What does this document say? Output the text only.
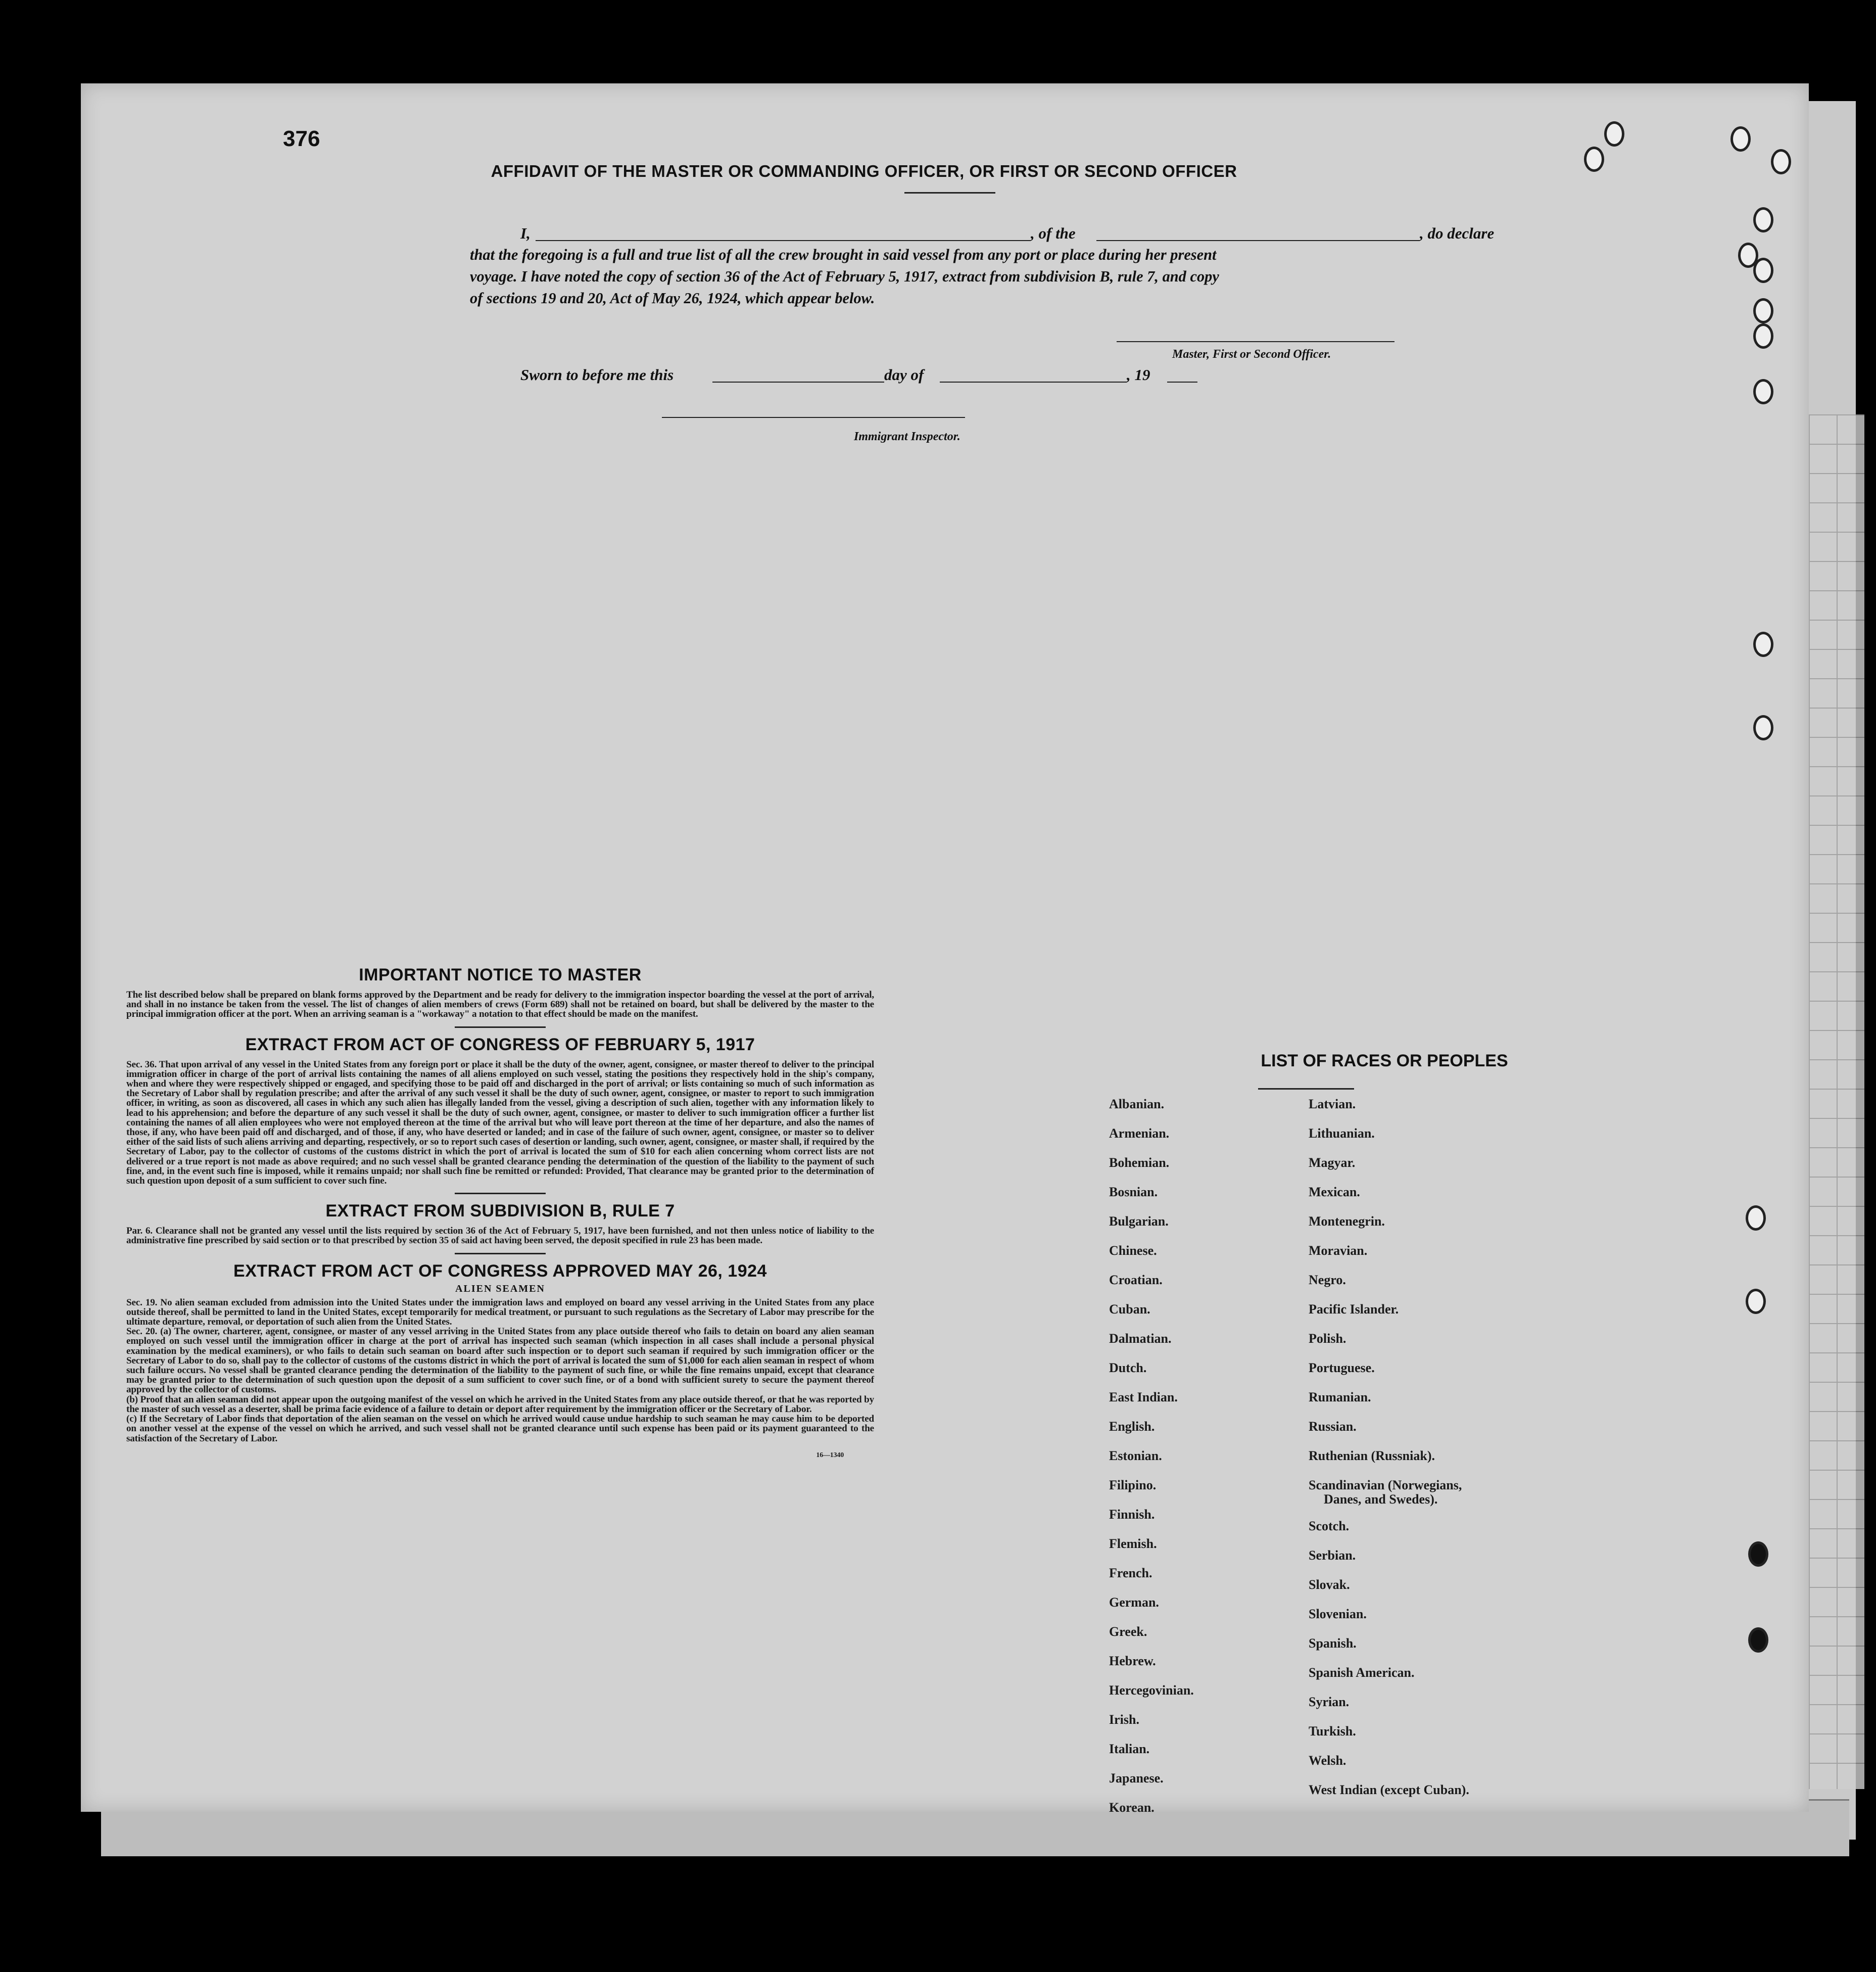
376
AFFIDAVIT OF THE MASTER OR COMMANDING OFFICER, OR FIRST OR SECOND OFFICER
I,	, of the	, do declare
that the foregoing is a full and true list of all the crew brought in said vessel from any port or place during her present
voyage. I have noted the copy of section 36 of the Act of February 5, 1917, extract from subdivision B, rule 7, and copy
of sections 19 and 20, Act of May 26, 1924, which appear below.
Master, First or Second Officer.
Sworn to before me this	day of	, 19
Immigrant Inspector.

IMPORTANT NOTICE TO MASTER

The list described below shall be prepared on blank forms approved by the Department and be ready for delivery to the immigration inspector boarding the vessel at the port of arrival, and shall in no instance be taken from the vessel. The list of changes of alien members of crews (Form 689) shall not be retained on board, but shall be delivered by the master to the principal immigration officer at the port. When an arriving seaman is a "workaway" a notation to that effect should be made on the manifest.

EXTRACT FROM ACT OF CONGRESS OF FEBRUARY 5, 1917

Sec. 36. That upon arrival of any vessel in the United States from any foreign port or place it shall be the duty of the owner, agent, consignee, or master thereof to deliver to the principal immigration officer in charge of the port of arrival lists containing the names of all aliens employed on such vessel, stating the positions they respectively hold in the ship's company, when and where they were respectively shipped or engaged, and specifying those to be paid off and discharged in the port of arrival; or lists containing so much of such information as the Secretary of Labor shall by regulation prescribe; and after the arrival of any such vessel it shall be the duty of such owner, agent, consignee, or master to report to such immigration officer, in writing, as soon as discovered, all cases in which any such alien has illegally landed from the vessel, giving a description of such alien, together with any information likely to lead to his apprehension; and before the departure of any such vessel it shall be the duty of such owner, agent, consignee, or master to deliver to such immigration officer a further list containing the names of all alien employees who were not employed thereon at the time of the arrival but who will leave port thereon at the time of her departure, and also the names of those, if any, who have been paid off and discharged, and of those, if any, who have deserted or landed; and in case of the failure of such owner, agent, consignee, or master so to deliver either of the said lists of such aliens arriving and departing, respectively, or so to report such cases of desertion or landing, such owner, agent, consignee, or master shall, if required by the Secretary of Labor, pay to the collector of customs of the customs district in which the port of arrival is located the sum of $10 for each alien concerning whom correct lists are not delivered or a true report is not made as above required; and no such vessel shall be granted clearance pending the determination of the question of the liability to the payment of such fine, and, in the event such fine is imposed, while it remains unpaid; nor shall such fine be remitted or refunded: Provided, That clearance may be granted prior to the determination of such question upon deposit of a sum sufficient to cover such fine.

EXTRACT FROM SUBDIVISION B, RULE 7

Par. 6. Clearance shall not be granted any vessel until the lists required by section 36 of the Act of February 5, 1917, have been furnished, and not then unless notice of liability to the administrative fine prescribed by said section or to that prescribed by section 35 of said act having been served, the deposit specified in rule 23 has been made.

EXTRACT FROM ACT OF CONGRESS APPROVED MAY 26, 1924

ALIEN SEAMEN

Sec. 19. No alien seaman excluded from admission into the United States under the immigration laws and employed on board any vessel arriving in the United States from any place outside thereof, shall be permitted to land in the United States, except temporarily for medical treatment, or pursuant to such regulations as the Secretary of Labor may prescribe for the ultimate departure, removal, or deportation of such alien from the United States.

Sec. 20. (a) The owner, charterer, agent, consignee, or master of any vessel arriving in the United States from any place outside thereof who fails to detain on board any alien seaman employed on such vessel until the immigration officer in charge at the port of arrival has inspected such seaman (which inspection in all cases shall include a personal physical examination by the medical examiners), or who fails to detain such seaman on board after such inspection or to deport such seaman if required by such immigration officer or the Secretary of Labor to do so, shall pay to the collector of customs of the customs district in which the port of arrival is located the sum of $1,000 for each alien seaman in respect of whom such failure occurs. No vessel shall be granted clearance pending the determination of the liability to the payment of such fine, or while the fine remains unpaid, except that clearance may be granted prior to the determination of such question upon the deposit of a sum sufficient to cover such fine, or of a bond with sufficient surety to secure the payment thereof approved by the collector of customs.

(b) Proof that an alien seaman did not appear upon the outgoing manifest of the vessel on which he arrived in the United States from any place outside thereof, or that he was reported by the master of such vessel as a deserter, shall be prima facie evidence of a failure to detain or deport after requirement by the immigration officer or the Secretary of Labor.

(c) If the Secretary of Labor finds that deportation of the alien seaman on the vessel on which he arrived would cause undue hardship to such seaman he may cause him to be deported on another vessel at the expense of the vessel on which he arrived, and such vessel shall not be granted clearance until such expense has been paid or its payment guaranteed to the satisfaction of the Secretary of Labor.

16—1340

LIST OF RACES OR PEOPLES
Albanian.
Armenian.
Bohemian.
Bosnian.
Bulgarian.
Chinese.
Croatian.
Cuban.
Dalmatian.
Dutch.
East Indian.
English.
Estonian.
Filipino.
Finnish.
Flemish.
French.
German.
Greek.
Hebrew.
Hercegovinian.
Irish.
Italian.
Japanese.
Korean.
Latvian.
Lithuanian.
Magyar.
Mexican.
Montenegrin.
Moravian.
Negro.
Pacific Islander.
Polish.
Portuguese.
Rumanian.
Russian.
Ruthenian (Russniak).
Scandinavian (Norwegians,
Scotch.
Serbian.
Slovak.
Slovenian.
Spanish.
Spanish American.
Syrian.
Turkish.
Welsh.
West Indian (except Cuban).
Danes, and Swedes).
